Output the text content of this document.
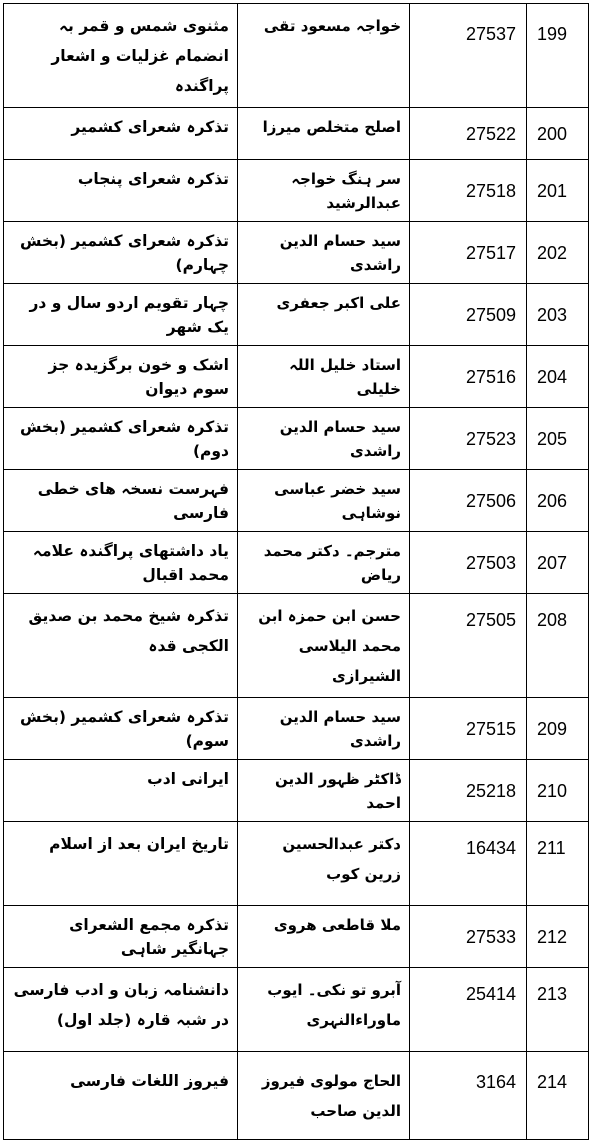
مثنوی شمس و قمر بہ انضمام غزلیات و اشعار پراگندہ	خواجہ مسعود تقی	27537	199
تذکرہ شعرای کشمیر	اصلح متخلص میرزا	27522	200
تذکرہ شعرای پنجاب	سر ہنگ خواجہ عبدالرشید	27518	201
تذکرہ شعرای کشمیر (بخش چہارم)	سید حسام الدین راشدی	27517	202
چہار تقویم اردو سال و در یک شھر	علی اکبر جعفری	27509	203
اشک و خون برگزیدہ جز سوم دیوان	استاد خلیل اللہ خلیلی	27516	204
تذکرہ شعرای کشمیر (بخش دوم)	سید حسام الدین راشدی	27523	205
فہرست نسخہ ھای خطی فارسی	سید خضر عباسی نوشاہی	27506	206
یاد داشتھای پراگندہ علامہ محمد اقبال	مترجم۔ دکتر محمد ریاض	27503	207
تذکرہ شیخ محمد بن صدیق الکجی قدہ	حسن ابن حمزہ ابن محمد الیلاسی الشیرازی	27505	208
تذکرہ شعرای کشمیر (بخش سوم)	سید حسام الدین راشدی	27515	209
ایرانی ادب	ڈاکٹر ظہور الدین احمد	25218	210
تاریخ ایران بعد از اسلام	دکتر عبدالحسین زرین کوب	16434	211
تذکرہ مجمع الشعرای جہانگیر شاہی	ملا قاطعی ھروی	27533	212
دانشنامہ زبان و ادب فارسی در شبہ قارہ (جلد اول)	آبرو تو نکی۔ ایوب ماوراءالنہری	25414	213
فیروز اللغات فارسی	الحاج مولوی فیروز الدین صاحب	3164	214
